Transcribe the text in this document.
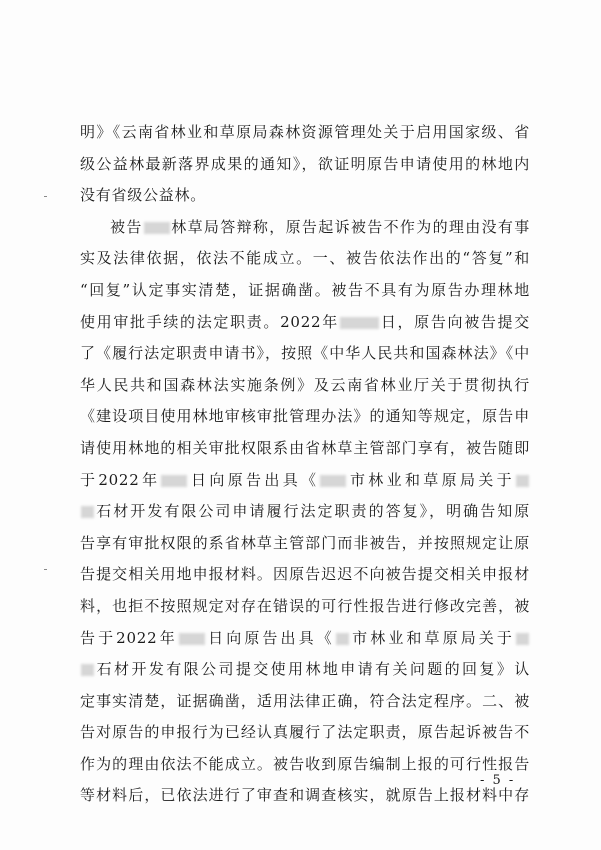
明》《云南省林业和草原局森林资源管理处关于启用国家级、省
级公益林最新落界成果的通知》，欲证明原告申请使用的林地内
没有省级公益林。
被告 林草局答辩称，原告起诉被告不作为的理由没有事
实及法律依据，依法不能成立。一、被告依法作出的“答复”和
“回复”认定事实清楚，证据确凿。被告不具有为原告办理林地
使用审批手续的法定职责。2022年	日，原告向被告提交
了《履行法定职责申请书》，按照《中华人民共和国森林法》《中
华人民共和国森林法实施条例》及云南省林业厅关于贯彻执行
《建设项目使用林地审核审批管理办法》的通知等规定，原告申
请使用林地的相关审批权限系由省林草主管部门享有，被告随即
于2022年 日向原告出具《 市林业和草原局关于
石材开发有限公司申请履行法定职责的答复》，明确告知原
告享有审批权限的系省林草主管部门而非被告，并按照规定让原
告提交相关用地申报材料。因原告迟迟不向被告提交相关申报材
料，也拒不按照规定对存在错误的可行性报告进行修改完善，被
告于2022年 日向原告出具《 市林业和草原局关于
石材开发有限公司提交使用林地申请有关问题的回复》认
定事实清楚，证据确凿，适用法律正确，符合法定程序。二、被
告对原告的申报行为已经认真履行了法定职责，原告起诉被告不
作为的理由依法不能成立。被告收到原告编制上报的可行性报告
等材料后，已依法进行了审查和调查核实，就原告上报材料中存
- 5 -
